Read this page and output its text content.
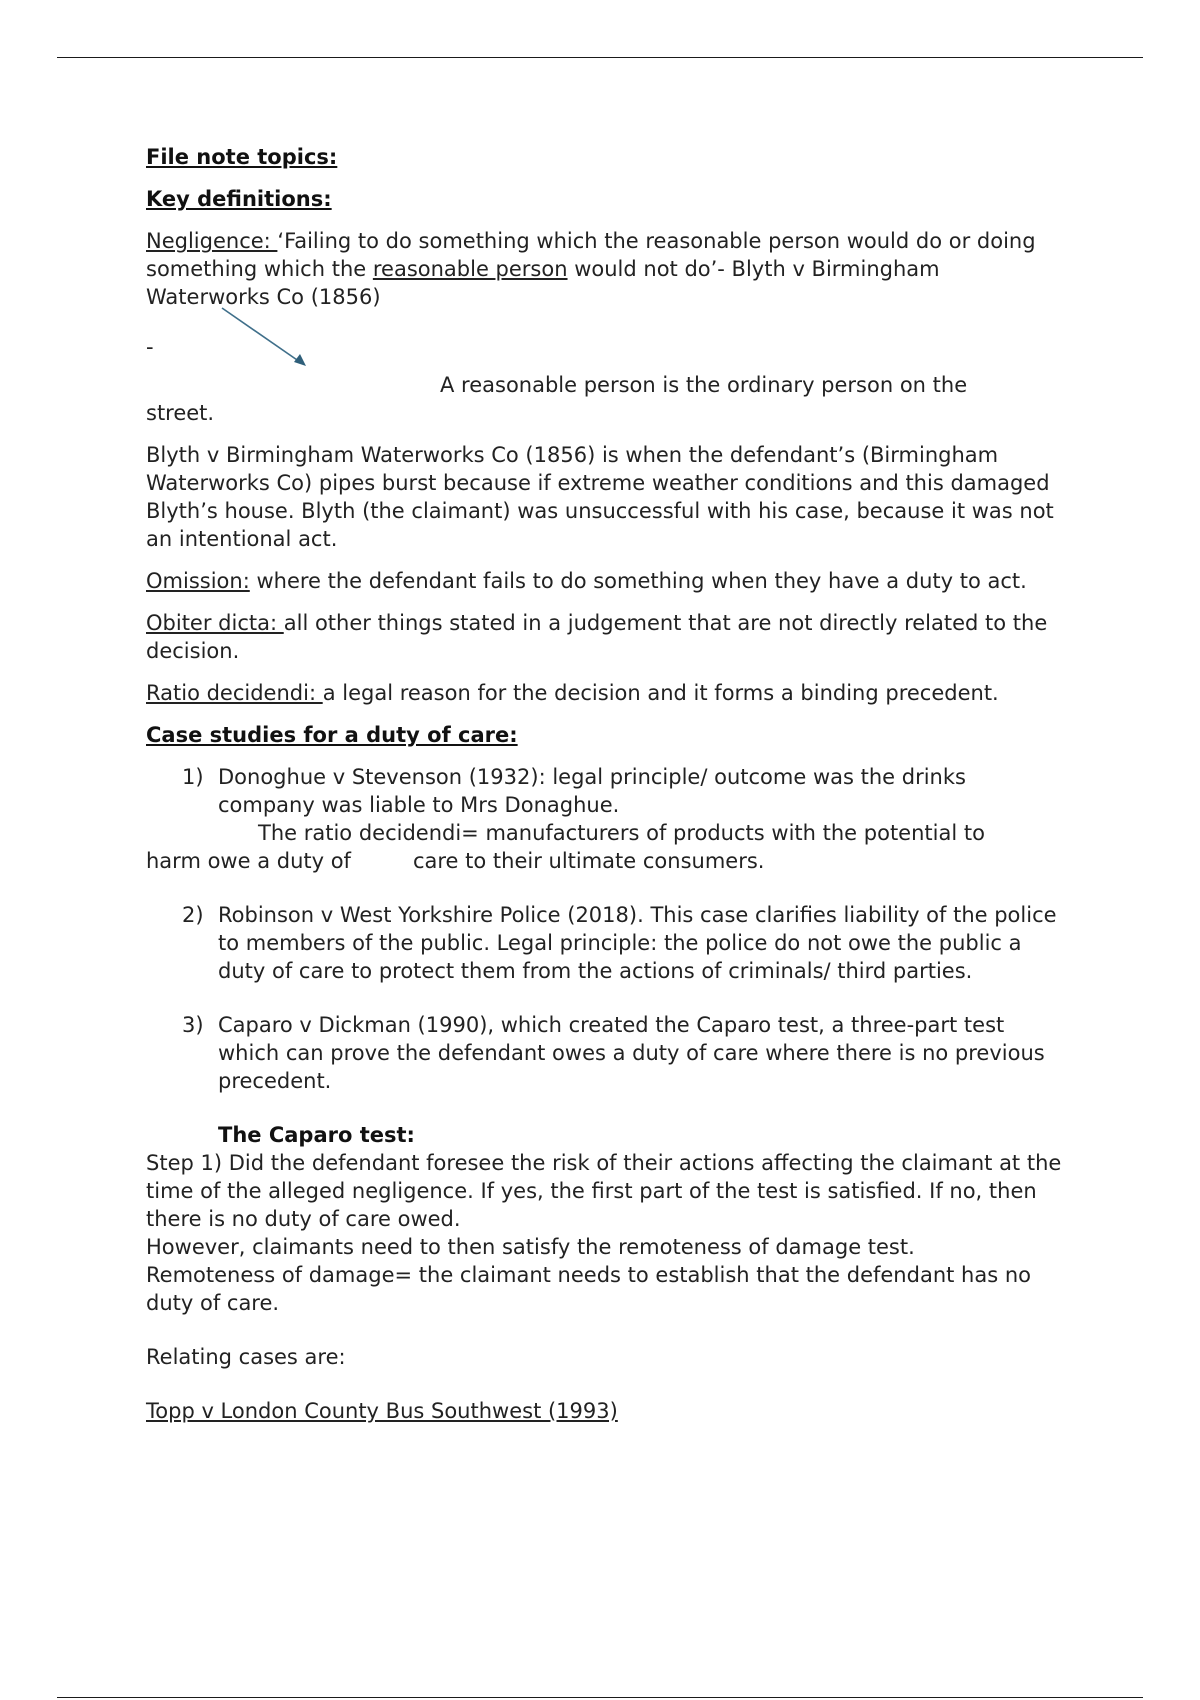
File note topics:

Key definitions:

Negligence: ‘Failing to do something which the reasonable person would do or doing something which the reasonable person would not do’- Blyth v Birmingham Waterworks Co (1856)

-

A reasonable person is the ordinary person on the

street.

Blyth v Birmingham Waterworks Co (1856) is when the defendant’s (Birmingham Waterworks Co) pipes burst because if extreme weather conditions and this damaged Blyth’s house. Blyth (the claimant) was unsuccessful with his case, because it was not an intentional act.

Omission: where the defendant fails to do something when they have a duty to act.

Obiter dicta: all other things stated in a judgement that are not directly related to the decision.

Ratio decidendi: a legal reason for the decision and it forms a binding precedent.

Case studies for a duty of care:

1) Donoghue v Stevenson (1932): legal principle/ outcome was the drinks company was liable to Mrs Donaghue.

The ratio decidendi= manufacturers of products with the potential to

harm owe a duty of	care to their ultimate consumers.

2) Robinson v West Yorkshire Police (2018). This case clarifies liability of the police to members of the public. Legal principle: the police do not owe the public a duty of care to protect them from the actions of criminals/ third parties.
3) Caparo v Dickman (1990), which created the Caparo test, a three-part test which can prove the defendant owes a duty of care where there is no previous precedent.

The Caparo test:

Step 1) Did the defendant foresee the risk of their actions affecting the claimant at the time of the alleged negligence. If yes, the first part of the test is satisfied. If no, then there is no duty of care owed.

However, claimants need to then satisfy the remoteness of damage test.

Remoteness of damage= the claimant needs to establish that the defendant has no duty of care.

Relating cases are:

Topp v London County Bus Southwest (1993)
